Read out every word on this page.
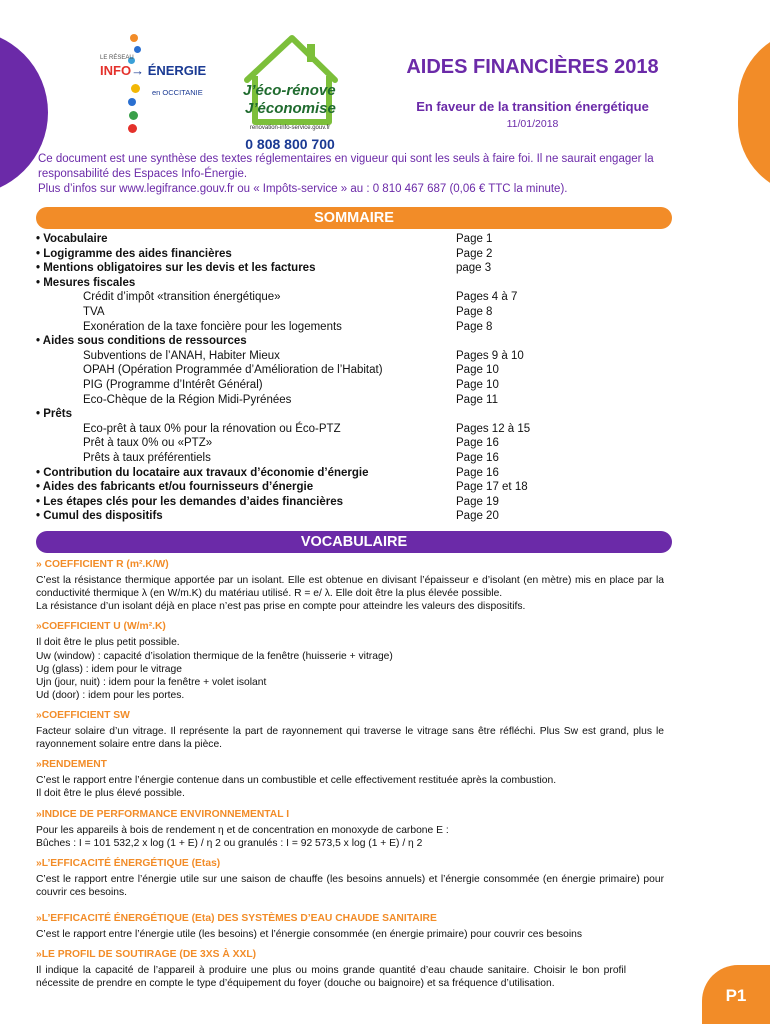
LE RÉSEAU
INFO→ ÉNERGIE
en OCCITANIE	J’éco-rénove
J’économise
renovation-info-service.gouv.fr
0 808 800 700
AIDES FINANCIÈRES 2018
En faveur de la transition énergétique
11/01/2018
Ce document est une synthèse des textes réglementaires en vigueur qui sont les seuls à faire foi. Il ne saurait engager la responsabilité des Espaces Info-Énergie.
Plus d’infos sur www.legifrance.gouv.fr ou « Impôts-service » au : 0 810 467 687 (0,06 € TTC la minute).
SOMMAIRE
• Vocabulaire	Page 1
• Logigramme des aides financières	Page 2
• Mentions obligatoires sur les devis et les factures	page 3
• Mesures fiscales
Crédit d’impôt «transition énergétique»	Pages 4 à 7
TVA	Page 8
Exonération de la taxe foncière pour les logements	Page 8
• Aides sous conditions de ressources
Subventions de l’ANAH, Habiter Mieux	Pages 9 à 10
OPAH (Opération Programmée d’Amélioration de l’Habitat)	Page 10
PIG (Programme d’Intérêt Général)	Page 10
Eco-Chèque de la Région Midi-Pyrénées	Page 11
• Prêts
Eco-prêt à taux 0% pour la rénovation ou Éco-PTZ	Pages 12 à 15
Prêt à taux 0% ou «PTZ»	Page 16
Prêts à taux préférentiels	Page 16
• Contribution du locataire aux travaux d’économie d’énergie	Page 16
• Aides des fabricants et/ou fournisseurs d’énergie	Page 17 et 18
• Les étapes clés pour les demandes d’aides financières	Page 19
• Cumul des dispositifs	Page 20
VOCABULAIRE
» COEFFICIENT R (m².K/W)
C’est la résistance thermique apportée par un isolant. Elle est obtenue en divisant l’épaisseur e d’isolant (en mètre) mis en place par la conductivité thermique λ (en W/m.K) du matériau utilisé. R = e/ λ. Elle doit être la plus élevée possible.
La résistance d’un isolant déjà en place n’est pas prise en compte pour atteindre les valeurs des dispositifs.
»COEFFICIENT U (W/m².K)
Il doit être le plus petit possible.
Uw (window) : capacité d’isolation thermique de la fenêtre (huisserie + vitrage)
Ug (glass) : idem pour le vitrage
Ujn (jour, nuit) : idem pour la fenêtre + volet isolant
Ud (door) : idem pour les portes.
»COEFFICIENT SW
Facteur solaire d’un vitrage. Il représente la part de rayonnement qui traverse le vitrage sans être réfléchi. Plus Sw est grand, plus le rayonnement solaire entre dans la pièce.
»RENDEMENT
C’est le rapport entre l’énergie contenue dans un combustible et celle effectivement restituée après la combustion.
Il doit être le plus élevé possible.
»INDICE DE PERFORMANCE ENVIRONNEMENTAL I
Pour les appareils à bois de rendement η et de concentration en monoxyde de carbone E :
Bûches : I = 101 532,2 x log (1 + E) / η 2 ou granulés : I = 92 573,5 x log (1 + E) / η 2
»L’EFFICACITÉ ÉNERGÉTIQUE (Etas)
C’est le rapport entre l’énergie utile sur une saison de chauffe (les besoins annuels) et l’énergie consommée (en énergie primaire) pour couvrir ces besoins.
»L’EFFICACITÉ ÉNERGÉTIQUE (Eta) DES SYSTÈMES D’EAU CHAUDE SANITAIRE
C’est le rapport entre l’énergie utile (les besoins) et l’énergie consommée (en énergie primaire) pour couvrir ces besoins
»LE PROFIL DE SOUTIRAGE (DE 3XS À XXL)
Il indique la capacité de l’appareil à produire une plus ou moins grande quantité d’eau chaude sanitaire. Choisir le bon profil nécessite de prendre en compte le type d’équipement du foyer (douche ou baignoire) et sa fréquence d’utilisation.
P1
